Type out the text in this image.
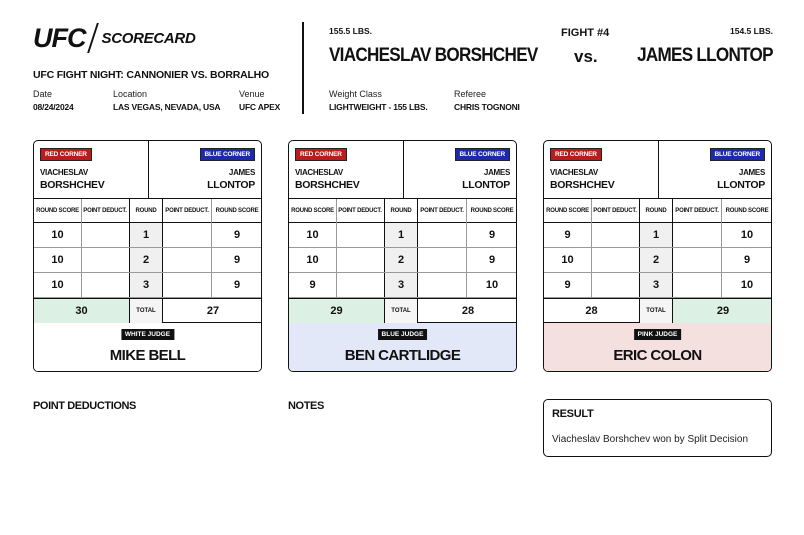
UFC SCORECARD
UFC FIGHT NIGHT: CANNONIER VS. BORRALHO
Date
08/24/2024
Location
LAS VEGAS, NEVADA, USA
Venue
UFC APEX
155.5 LBS.
VIACHESLAV BORSHCHEV
FIGHT #4
vs.
154.5 LBS.
JAMES LLONTOP
Weight Class
LIGHTWEIGHT - 155 LBS.
Referee
CHRIS TOGNONI
RED CORNER	BLUE CORNER
VIACHESLAV
BORSHCHEV
JAMES
LLONTOP
ROUND SCORE POINT DEDUCT.	ROUND	POINT DEDUCT.	ROUND SCORE
10	1	9
10	2	9
10	3	9
30	TOTAL	27
WHITE JUDGE
MIKE BELL
RED CORNER	BLUE CORNER
VIACHESLAV
BORSHCHEV
JAMES
LLONTOP
ROUND SCORE POINT DEDUCT.	ROUND	POINT DEDUCT.	ROUND SCORE
10	1	9
10	2	9
9	3	10
29	TOTAL	28
BLUE JUDGE
BEN CARTLIDGE
RED CORNER	BLUE CORNER
VIACHESLAV
BORSHCHEV
JAMES
LLONTOP
ROUND SCORE POINT DEDUCT.	ROUND	POINT DEDUCT.	ROUND SCORE
9	1	10
10	2	9
9	3	10
28	TOTAL	29
PINK JUDGE
ERIC COLON
POINT DEDUCTIONS	NOTES
RESULT
Viacheslav Borshchev won by Split Decision
